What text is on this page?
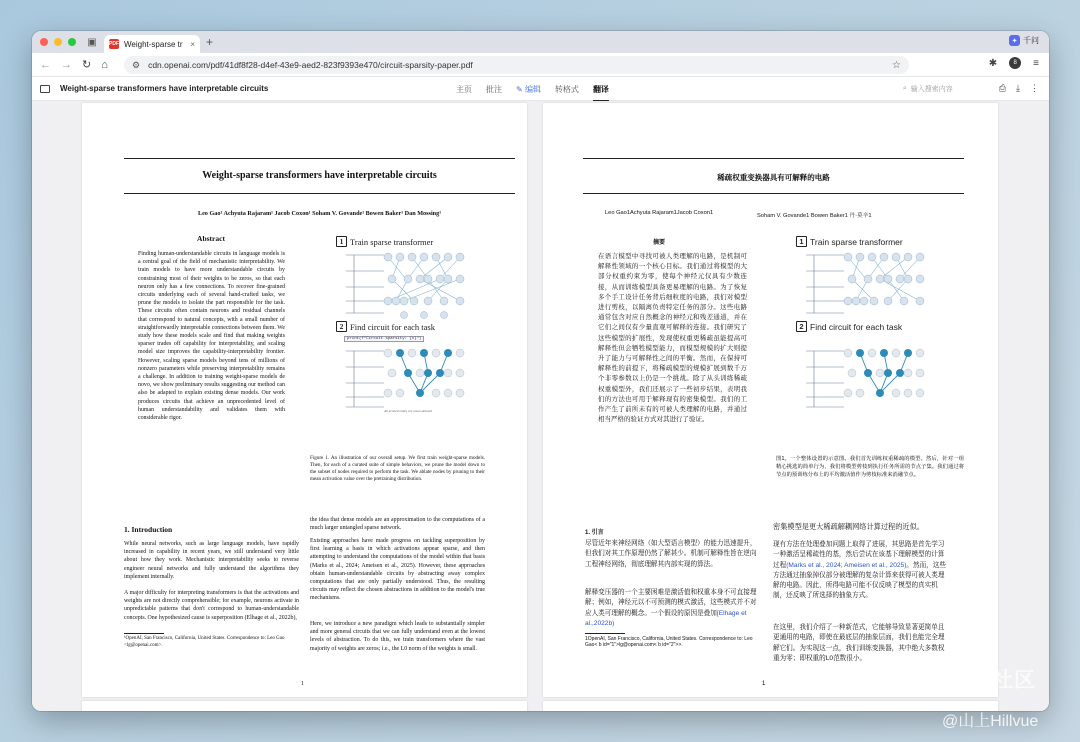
▣ PDF Weight-sparse tr × +	✦ 千问
← → ↻ ⌂	⚙ cdn.openai.com/pdf/41df8f28-d4ef-43e9-aed2-823f9393e470/circuit-sparsity-paper.pdf	☆	✱	8	≡
Weight-sparse transformers have interpretable circuits	主页 批注 ✎ 编辑 转格式 翻译	⌕ 输入搜索内容	⎙ ⤓ ⋮
Weight-sparse transformers have interpretable circuits
Leo Gao¹ Achyuta Rajaram¹ Jacob Coxon¹ Soham V. Govande¹ Bowen Baker¹ Dan Mossing¹
Abstract
Finding human-understandable circuits in language models is a central goal of the field of mechanistic interpretability. We train models to have more understandable circuits by constraining most of their weights to be zeros, so that each neuron only has a few connections. To recover fine-grained circuits underlying each of several hand-crafted tasks, we prune the models to isolate the part responsible for the task. These circuits often contain neurons and residual channels that correspond to natural concepts, with a small number of straightforwardly interpretable connections between them. We study how these models scale and find that making weights sparser trades off capability for interpretability, and scaling model size improves the capability-interpretability frontier. However, scaling sparse models beyond tens of millions of nonzero parameters while preserving interpretability remains a challenge. In addition to training weight-sparse models de novo, we show preliminary results suggesting our method can also be adapted to explain existing dense models. Our work produces circuits that achieve an unprecedented level of human understandability and validates them with considerable rigor.
1 Train sparse transformer
2 Find circuit for each task
print(f"Circuit sparsity: {x}")
All pruned nodes are mean-ablated
Figure 1. An illustration of our overall setup. We first train weight-sparse models. Then, for each of a curated suite of simple behaviors, we prune the model down to the subset of nodes required to perform the task. We ablate nodes by pruning to their mean activation value over the pretraining distribution.
1. Introduction
While neural networks, such as large language models, have rapidly increased in capability in recent years, we still understand very little about how they work. Mechanistic interpretability seeks to reverse engineer neural networks and fully understand the algorithms they implement internally.
A major difficulty for interpreting transformers is that the activations and weights are not directly comprehensible; for example, neurons activate in unpredictable patterns that don't correspond to human-understandable concepts. One hypothesized cause is superposition (Elhage et al., 2022b),
¹OpenAI, San Francisco, California, United States. Correspondence to: Leo Gao <lg@openai.com>.
the idea that dense models are an approximation to the computations of a much larger untangled sparse network.
Existing approaches have made progress on tackling superposition by first learning a basis in which activations appear sparse, and then attempting to understand the computations of the model within that basis (Marks et al., 2024; Ameisen et al., 2025). However, these approaches obtain human-understandable circuits by abstracting away complex computations that are only partially understood. Thus, the resulting circuits may reflect the chosen abstractions in addition to the model's true mechanisms.
Here, we introduce a new paradigm which leads to substantially simpler and more general circuits that we can fully understand even at the lowest levels of abstraction. To do this, we train transformers where the vast majority of weights are zeros; i.e., the L0 norm of the weights is small.
1
稀疏权重变换器具有可解释的电路
Leo Gao1Achyuta Rajaram1Jacob Coxon1	Soham V. Govande1 Bowen Baker1 丹·莫辛1
摘要
在语言模型中寻找可被人类理解的电路，是机制可解释性领域的一个核心目标。我们通过将模型的大部分权重约束为零，使每个神经元仅具有少数连接，从而训练模型具备更易理解的电路。为了恢复多个手工设计任务背后细粒度的电路，我们对模型进行剪枝，以隔离负责特定任务的部分。这些电路通常包含对应自然概念的神经元和残差通道，并在它们之间仅有少量直观可解释的连接。我们研究了这些模型的扩展性，发现使权重更稀疏虽能提高可解释性但会牺牲模型能力，而模型规模的扩大则提升了能力与可解释性之间的平衡。然而，在保持可解释性的前提下，将稀疏模型的规模扩展到数千万个非零参数以上仍是一个挑战。除了从头训练稀疏权重模型外，我们还展示了一些初步结果，表明我们的方法也可用于解释现有的密集模型。我们的工作产生了前所未有的可被人类理解的电路，并通过相当严格的验证方式对其进行了验证。
1 Train sparse transformer
2 Find circuit for each task
图1。一个整体设置的示意图。我们首先训练权重稀疏的模型。然后，针对一组精心挑选的简单行为，我们将模型剪枝到执行任务所需的节点子集。我们通过将节点的预训练分布上的平均激活值作为剪枝标准来消融节点。
1. 引言
尽管近年来神经网络（如大型语言模型）的能力迅速提升，但我们对其工作原理仍然了解甚少。机制可解释性旨在逆向工程神经网络，彻底理解其内部实现的算法。
解释变压器的一个主要困难是激活值和权重本身不可直接理解；例如，神经元以不可预测的模式激活，这些模式并不对应人类可理解的概念。一个假设的原因是叠加[Elhage et al.,2022b)
1OpenAI, San Francisco, California, United States. Correspondence to: Leo Gao< b id="1">lg@openai.com< b id="2">>.
密集模型是更大稀疏解耦网络计算过程的近似。
现有方法在处理叠加问题上取得了进展，其思路是首先学习一种激活呈稀疏性的基，然后尝试在该基下理解模型的计算过程(Marks et al., 2024; Ameisen et al., 2025)。然而，这些方法通过抽象掉仅部分被理解的复杂计算来获得可被人类理解的电路。因此，所得电路可能不仅反映了模型的真实机制，还反映了所选择的抽象方式。
在这里，我们介绍了一种新范式，它能够导致显著更简单且更通用的电路，即使在最底层的抽象层面，我们也能完全理解它们。为实现这一点，我们训练变换器，其中绝大多数权重为零；即权重的L0范数很小。
1	老虎社区
@山上Hillvue
